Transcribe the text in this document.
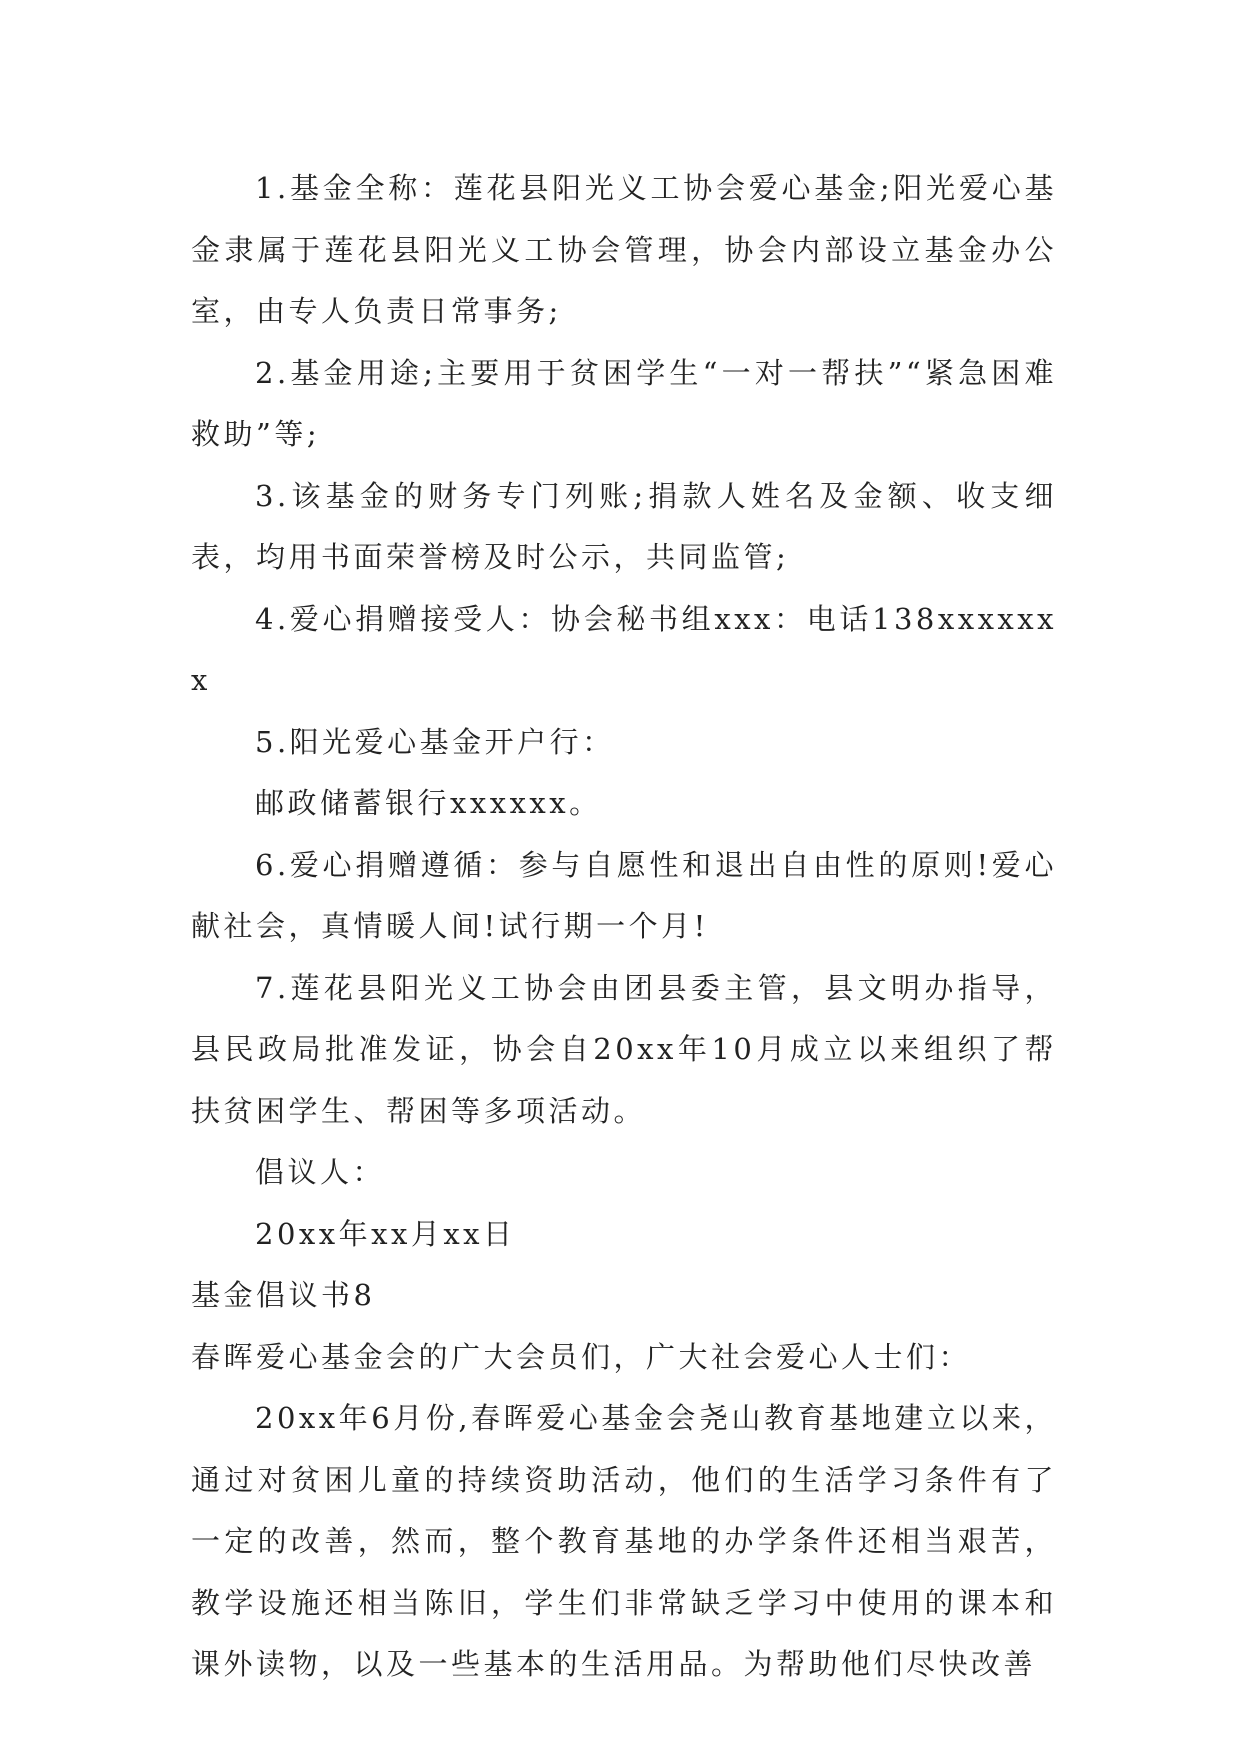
1.基金全称：莲花县阳光义工协会爱心基金;阳光爱心基金隶属于莲花县阳光义工协会管理，协会内部设立基金办公室，由专人负责日常事务;

2.基金用途;主要用于贫困学生“一对一帮扶”“紧急困难救助”等;

3.该基金的财务专门列账;捐款人姓名及金额、收支细表，均用书面荣誉榜及时公示，共同监管;

4.爱心捐赠接受人：协会秘书组xxx：电话138xxxxxxx

5.阳光爱心基金开户行：

邮政储蓄银行xxxxxx。

6.爱心捐赠遵循：参与自愿性和退出自由性的原则!爱心献社会，真情暖人间!试行期一个月!

7.莲花县阳光义工协会由团县委主管，县文明办指导，县民政局批准发证，协会自20xx年10月成立以来组织了帮扶贫困学生、帮困等多项活动。

倡议人：

20xx年xx月xx日

基金倡议书8

春晖爱心基金会的广大会员们，广大社会爱心人士们：

20xx年6月份,春晖爱心基金会尧山教育基地建立以来，通过对贫困儿童的持续资助活动，他们的生活学习条件有了一定的改善，然而，整个教育基地的办学条件还相当艰苦，教学设施还相当陈旧，学生们非常缺乏学习中使用的课本和课外读物，以及一些基本的生活用品。为帮助他们尽快改善
